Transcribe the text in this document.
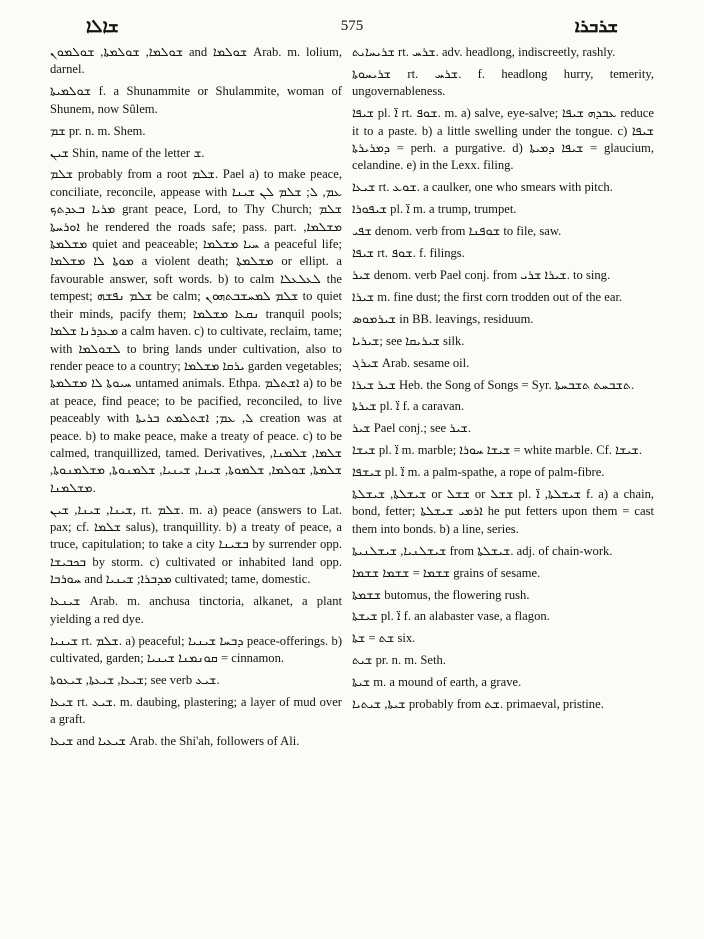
ܫܐܠܐ	575	ܫܪܒܪܐ

ܫܘܠܡܐ, ܫܘܠܡܬܐ, ܫܘܠܡܘܢ and ܫܘܠܡܐ Arab. m. lolium, darnel.

ܫܘܠܡܝܬܐ f. a Shunammite or Shulammite, woman of Shunem, now Sûlem.

ܫܡ pr. n. m. Shem.

ܫܝܢ Shin, name of the letter ܫ.

ܫܠܡ probably from a root ܫܠܡ. Pael a) to make peace, conciliate, reconcile, appease with ܥܡ, ܠ; ܫܠܡ ܠܢ ܫܝܢܐ ܡܪܝܐ ܒܥܕܬܟ grant peace, Lord, to Thy Church; ܫܠܡ ܐܘܪܚܬܐ he rendered the roads safe; pass. part. ܡܫܠܡܐ, ܡܫܠܡܬܐ quiet and peaceable; ܚܝܐ ܡܫܠܡܐ a peaceful life; ܡܘܬܐ ܠܐ ܡܫܠܡܐ a violent death; ܡܫܠܡܬܐ or ellipt. a favourable answer, soft words. b) to calm ܠܥܠܥܠܐ the tempest; ܫܠܡ ܢܦܫܗ be calm; ܫܠܡ ܠܡܚܫܒܬܗܘܢ to quiet their minds, pacify them; ܢܩܥܐ ܡܫܠܡܐ tranquil pools; ܡܥܕܪܢܐ ܫܠܡܐ a calm haven. c) to cultivate, reclaim, tame; with ܠܫܘܠܡܐ to bring lands under cultivation, also to render peace to a country; ܝܪܩܐ ܡܫܠܡܐ garden vegetables; ܚܝܘܬܐ ܠܐ ܡܫܠܡܬܐ untamed animals. Ethpa. ܐܫܬܠܡ a) to be at peace, find peace; to be pacified, reconciled, to live peaceably with ܠ, ܥܡ; ܐܫܬܠܡܬ ܒܪܝܬܐ creation was at peace. b) to make peace, make a treaty of peace. c) to be calmed, tranquillized, tamed. Derivatives, ܫܠܡܐ, ܫܠܡܢܐ, ܫܠܡܬܐ, ܫܘܠܡܐ, ܫܠܡܘܬܐ, ܫܝܢܐ, ܫܝܢܝܐ, ܫܠܡܢܘܬܐ, ܡܫܠܡܢܘܬܐ, ܡܫܠܡܢܐ.

ܫܝܢܐ, ܫܝܢܐ, ܫܝܢ, rt. ܫܠܡ. m. a) peace (answers to Lat. pax; cf. ܫܠܡܐ salus), tranquillity. b) a treaty of peace, a truce, capitulation; to take a city ܒܫܝܢܐ by surrender opp. ܒܟܒܝܫܐ by storm. c) cultivated or inhabited land opp. ܚܘܪܒܐ and ܡܕܒܪܐ; ܫܝܢܝܐ cultivated; tame, domestic.

ܫܝܢܥܐ Arab. m. anchusa tinctoria, alkanet, a plant yielding a red dye.

ܫܝܢܝܐ rt. ܫܠܡ. a) peaceful; ܕܒܚܐ ܫܝܢܝܐ peace-offerings. b) cultivated, garden; ܩܘܢܡܢܐ ܫܝܢܝܐ = cinnamon.

ܫܝܥܐ, ܫܝܥܬܐ, ܫܝܥܘܬܐ; see verb ܫܝܥ.

ܫܝܥܐ rt. ܫܝܥ. m. daubing, plastering; a layer of mud over a graft.

ܫܝܥܐ and ܫܝܥܝܐ Arab. the Shi'ah, followers of Ali.

ܫܪܝܚܐܝܬ rt. ܫܪܚ. adv. headlong, indiscreetly, rashly.

ܫܪܝܚܘܬܐ rt. ܫܪܚ. f. headlong hurry, temerity, ungovernableness.

ܫܝܦܐ pl. ܐ̈ rt. ܫܘܦ. m. a) salve, eye-salve; ܥܒܕܗ ܫܝܦܐ reduce it to a paste. b) a little swelling under the tongue. c) ܫܝܦܐ ܕܡܪܝܪܬܐ = perh. a purgative. d) ܫܝܦܐ ܕܡܝܬܐ = glaucium, celandine. e) in the Lexx. filing.

ܫܝܥܐ rt. ܫܘܥ. a caulker, one who smears with pitch.

ܫܝܦܘܪܐ pl. ܐ̈ m. a trump, trumpet.

ܫܦܝ denom. verb from ܫܘܦܢܐ to file, saw.

ܫܝܦܐ rt. ܫܘܦ. f. filings.

ܫܝܪ denom. verb Pael conj. from ܫܝܪܐ ܫܪܝ. to sing.

ܫܝܪܐ m. fine dust; the first corn trodden out of the ear.

ܫܝܪܡܘܣ in BB. leavings, residuum.

ܫܝܪܝܐ; see ܫܝܪܝܩܐ silk.

ܫܝܪܓ Arab. sesame oil.

ܫܝܪ ܫܝܪܐ Heb. the Song of Songs = Syr. ܬܫܒܚܬ ܬܫܒܚܬܐ.

ܫܝܪܬܐ pl. ܐ̈ f. a caravan.

ܫܝܪ Pael conj.; see ܫܝܪ.

ܫܝܫܐ pl. ܐ̈ m. marble; ܫܝܫܐ ܚܘܪܐ = white marble. Cf. ܫܝܫܐ.

ܫܝܫܦܐ pl. ܐ̈ m. a palm-spathe, a rope of palm-fibre.

ܫܝܫܠܬܐ, ܫܝܫܠܬܐ or ܫܫܠ or ܫܫܠ pl. ܫܝܫܠܬܐ, ܐ̈ f. a) a chain, bond, fetter; ܐܪܡܝ ܫܝܫܠܬܐ he put fetters upon them = cast them into bonds. b) a line, series.

ܫܝܫܠܢܝܐ, ܫܝܫܠܢܝܬܐ from ܫܝܫܠܬܐ. adj. of chain-work.

ܫܫܡܐ = ܫܫܡܐ ܫܫܡܐ grains of sesame.

ܫܫܡܬܐ butomus, the flowering rush.

ܫܝܫܬܐ pl. ܐ̈ f. an alabaster vase, a flagon.

ܫܬ = ܫܬܐ six.

ܫܝܬ pr. n. m. Seth.

ܫܝܬܐ m. a mound of earth, a grave.

ܫܝܬܐ, ܫܝܬܝܐ probably from ܫܬ. primaeval, pristine.
